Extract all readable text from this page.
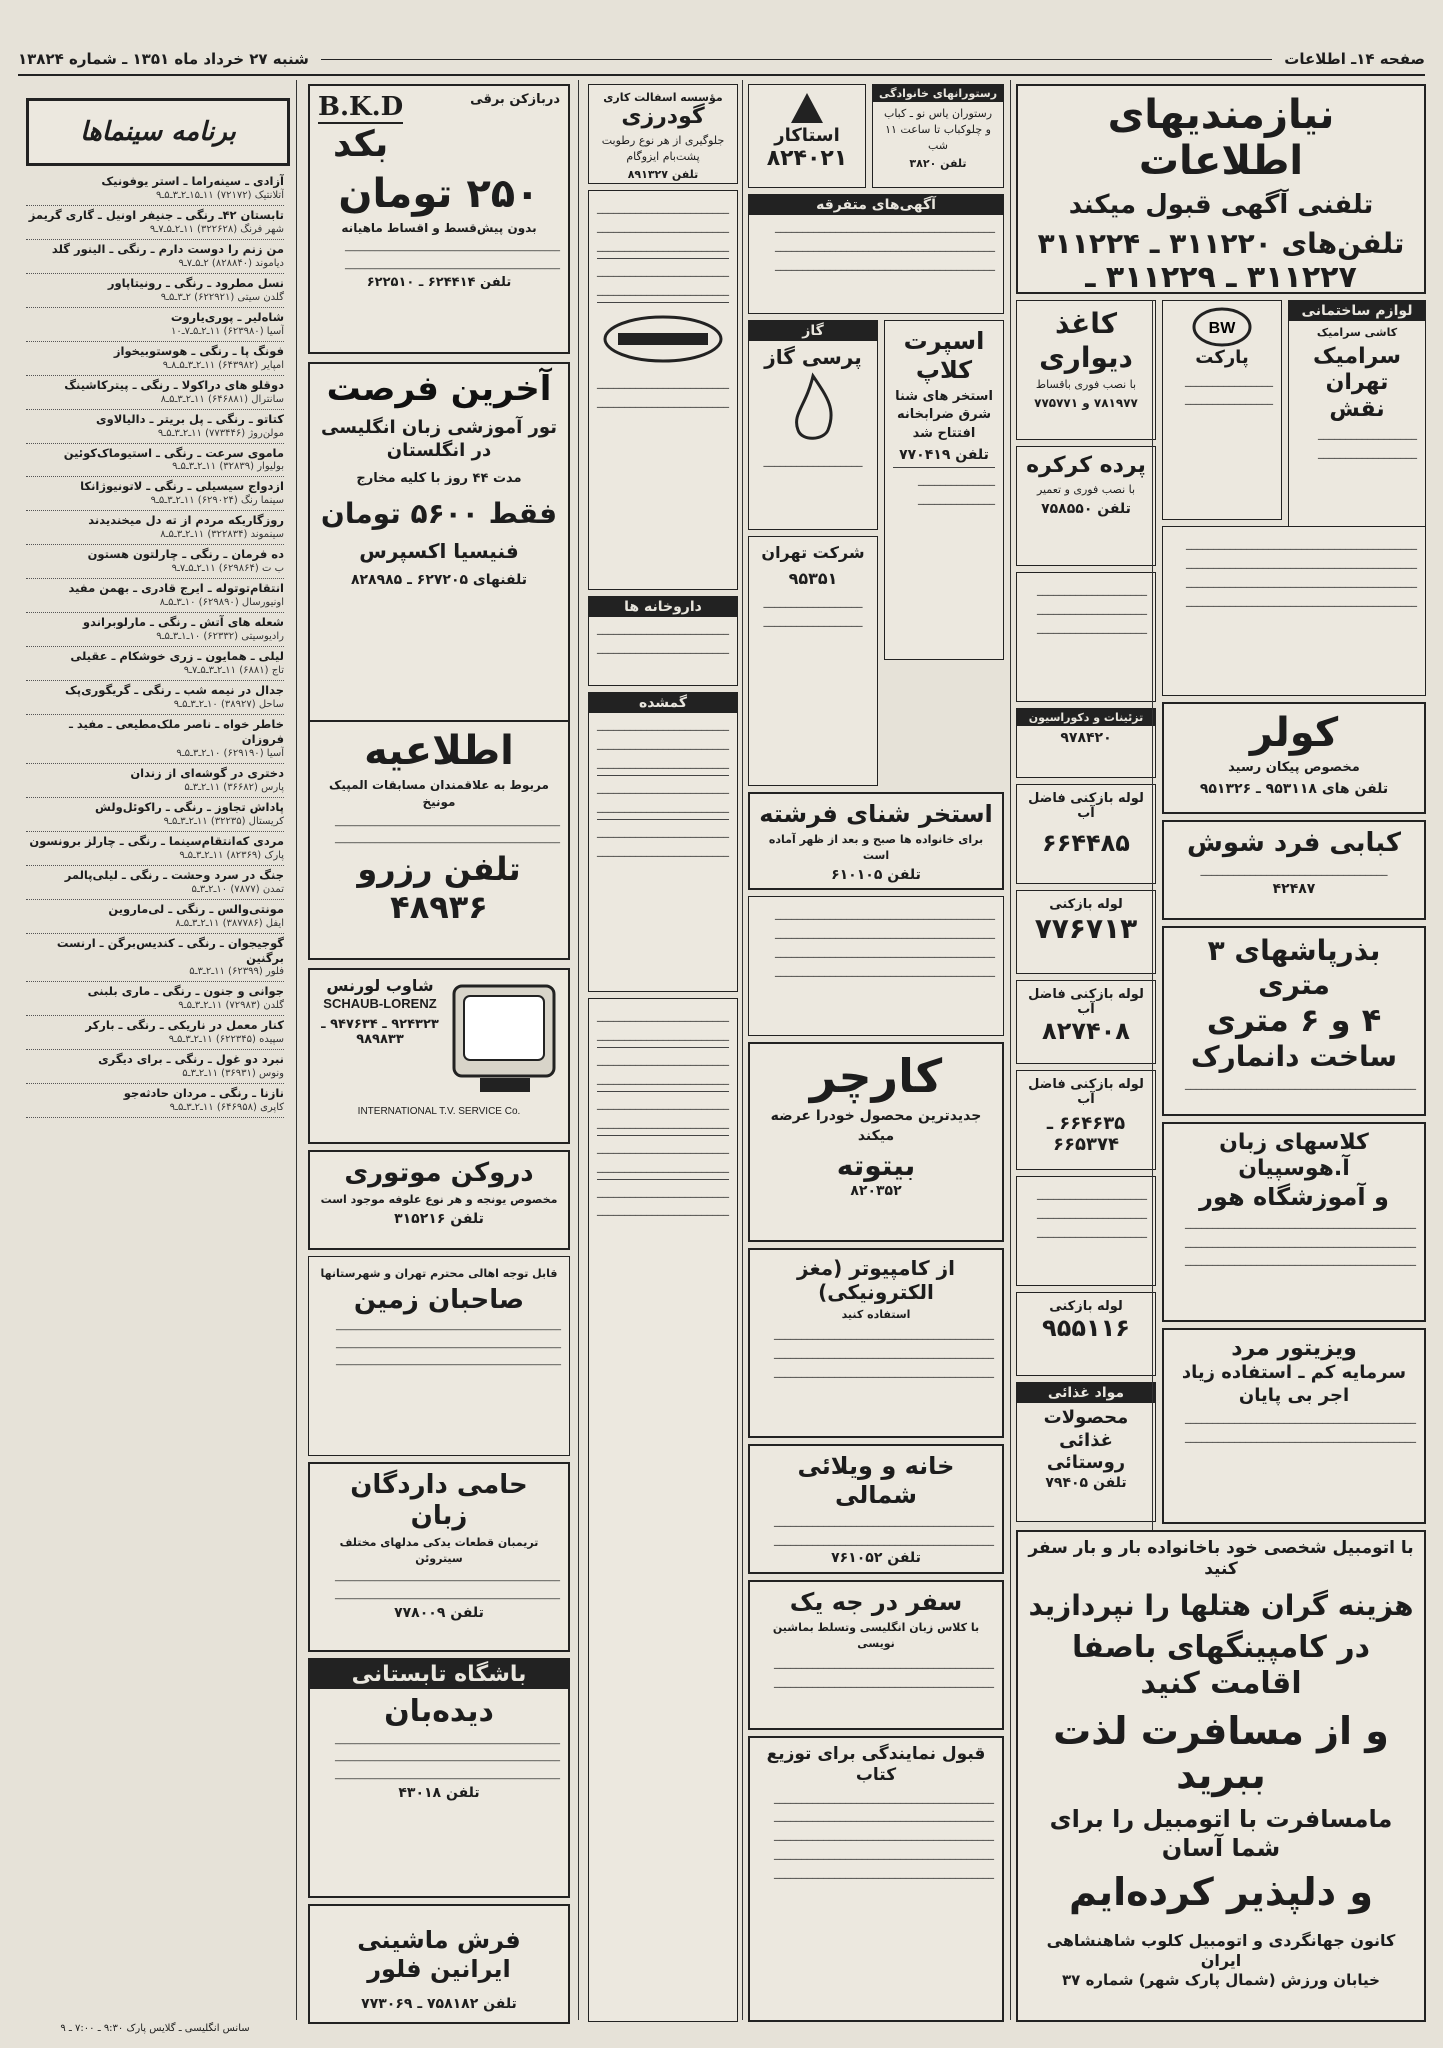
صفحه ۱۴ـ اطلاعات
شنبه ۲۷ خرداد ماه ۱۳۵۱ ـ شماره ۱۳۸۲۴
برنامه سینماها
آزادی ـ سینه‌راما ـ استر یوفونیک
آتلانتیک (۷۲۱۷۲) ۱۱ـ۱۵ـ۲ـ۳ـ۵ـ۹
تابستان ۴۲ـ رنگی ـ جنیفر اونیل ـ گاری گریمز
شهر فرنگ (۳۲۲۶۲۸) ۱۱ـ۲ـ۵ـ۷ـ۹
من زنم را دوست دارم ـ رنگی ـ الینور گلد
دیاموند (۸۲۸۸۴۰) ۲ـ۵ـ۷ـ۹
نسل مطرود ـ رنگی ـ رونیتاپاور
گلدن سیتی (۶۲۲۹۲۱) ۲ـ۳ـ۵ـ۹
شاه‌لیر ـ پوری‌یاروت
آسیا (۶۲۳۹۸۰) ۱۱ـ۲ـ۵ـ۷ـ۱۰
فونگ پا ـ رنگی ـ هوستوبیخواز
امپایر (۶۴۳۹۸۲) ۱۱ـ۲ـ۳ـ۵ـ۸ـ۹
دوقلو های دراکولا ـ رنگی ـ پیترکاشینگ
سانترال (۶۴۶۸۸۱) ۱۱ـ۲ـ۳ـ۵ـ۸
کتاتو ـ رنگی ـ پل بریتر ـ دالیالاوی
مولن‌روژ (۷۷۳۴۴۶) ۱۱ـ۲ـ۳ـ۵ـ۹
ماموی سرعت ـ رنگی ـ استیوماک‌کوئین
بولیوار (۳۲۸۳۹) ۱۱ـ۲ـ۳ـ۵ـ۹
ازدواج سیسیلی ـ رنگی ـ لاتونیوژانکا
سینما رنگ (۶۲۹۰۲۴) ۱۱ـ۲ـ۳ـ۵ـ۹
روزگاریکه مردم از ته دل میخندیدند
سینموند (۳۲۲۸۳۴) ۱۱ـ۲ـ۳ـ۵ـ۸
ده فرمان ـ رنگی ـ چارلتون هستون
ب ت (۶۲۹۸۶۴) ۱۱ـ۲ـ۵ـ۷ـ۹
انتقام‌توتوله ـ ایرج قادری ـ بهمن مفید
اونیورسال (۶۲۹۸۹۰) ۱۰ـ۳ـ۵ـ۸
شعله های آتش ـ رنگی ـ مارلوبراندو
رادیوسیتی (۶۲۳۳۲) ۱۰ـ۱ـ۳ـ۵ـ۹
لیلی ـ همایون ـ زری خوشکام ـ عقیلی
تاج (۶۸۸۱) ۱۱ـ۲ـ۳ـ۵ـ۷ـ۹
جدال در نیمه شب ـ رنگی ـ گریگوری‌پک
ساحل (۳۸۹۲۷) ۱۰ـ۲ـ۳ـ۵ـ۹
خاطر خواه ـ ناصر ملک‌مطیعی ـ مفید ـ فروزان
آسیا (۶۲۹۱۹۰) ۱۰ـ۲ـ۳ـ۵ـ۹
دختری در گوشه‌ای از زندان
پارس (۳۶۶۸۲) ۱۱ـ۲ـ۳ـ۵
پاداش تجاوز ـ رنگی ـ راکوئل‌ولش
کریستال (۳۲۲۳۵) ۱۱ـ۲ـ۳ـ۵ـ۹
مردی که‌انتقام‌سینما ـ رنگی ـ چارلز برونسون
پارک (۸۲۳۶۹) ۱۱ـ۲ـ۳ـ۵ـ۹
جنگ در سرد وحشت ـ رنگی ـ لیلی‌پالمر
تمدن (۷۸۷۷) ۱۰ـ۲ـ۳ـ۵
مونتی‌والس ـ رنگی ـ لی‌ماروین
ایفل (۳۸۷۷۸۶) ۱۱ـ۲ـ۳ـ۵ـ۸
گوجیجوان ـ رنگی ـ کندیس‌برگن ـ ارنست برگنین
فلور (۶۲۳۹۹) ۱۱ـ۲ـ۳ـ۵
جوانی و جنون ـ رنگی ـ ماری بلبنی
گلدن (۷۲۹۸۳) ۱۱ـ۲ـ۳ـ۵ـ۹
کنار معمل در ناریکی ـ رنگی ـ بارکر
سپیده (۶۲۲۳۴۵) ۱۱ـ۲ـ۳ـ۵ـ۹
نبرد دو غول ـ رنگی ـ برای دیگری
ونوس (۳۶۹۳۱) ۱۱ـ۲ـ۳ـ۵
نازنا ـ رنگی ـ مردان حادثه‌جو
کاپری (۶۴۶۹۵۸) ۱۱ـ۲ـ۳ـ۵ـ۹
سانس انگلیسی ـ گلایس پارک ۹:۳۰ ـ ۷:۰۰ ـ ۹
دربازکن برقی
B.K.D
بکد
۲۵۰ تومان

بدون پیش‌قسط و اقساط ماهیانه

___________________________________________

___________________________________________

تلفن ۶۲۴۴۱۴ ـ ۶۲۲۵۱۰
آخرین فرصت
تور آموزشی زبان انگلیسی در انگلستان

مدت ۴۴ روز با کلیه مخارج

فقط ۵۶۰۰ تومان
فنیسیا اکسپرس
تلفنهای ۶۲۷۲۰۵ ـ ۸۲۸۹۸۵
اطلاعیه

مربوط به علاقمندان مسابقات المپیک مونیخ

_____________________________________________

_____________________________________________

تلفن رزرو ۴۸۹۳۶
شاوب لورنس
SCHAUB-LORENZ
۹۲۴۳۲۳ ـ ۹۴۷۶۳۴ ـ ۹۸۹۸۳۳
INTERNATIONAL T.V. SERVICE Co.
دروکن موتوری

مخصوص یونجه و هر نوع علوفه موجود است

تلفن ۳۱۵۲۱۶

قابل توجه اهالی محترم تهران و شهرستانها

صاحبان زمین

_____________________________________________

_____________________________________________

_____________________________________________

حامی داردگان زبان

تریمبان قطعات یدکی مدلهای مختلف سیتروئن

_____________________________________________

_____________________________________________

تلفن ۷۷۸۰۰۹
باشگاه تابستانی
دیده‌بان

_____________________________________________

_____________________________________________

_____________________________________________

تلفن ۴۳۰۱۸
فرش ماشینی ایرانین فلور
تلفن ۷۵۸۱۸۲ ـ ۷۷۳۰۶۹
مؤسسه اسفالت کاری
گودرزی

جلوگیری از هر نوع رطوبت پشت‌بام ایزوگام

تلفن ۸۹۱۳۲۷

________________________

________________________

________________________

________________________

________________________

________________________

________________________

داروخانه ها

________________________

________________________

گمشده

________________________

________________________

________________________

________________________

________________________

________________________

________________________

________________________

________________________

________________________

________________________

________________________

________________________

________________________

________________________

________________________

________________________

استاکار
۸۲۴۰۲۱
رستورانهای خانوادگی

رستوران یاس نو ـ کباب و چلوکباب تا ساعت ۱۱ شب

تلفن ۳۸۲۰
آگهی‌های متفرقه

________________________________________

________________________________________

________________________________________

گاز
پرسی گاز

__________________

اسپرت کلاپ

استخر های شنا شرق ضرابخانه افتتاح شد

تلفن ۷۷۰۴۱۹

______________

______________

شرکت تهران
۹۵۳۵۱

__________________

__________________

استخر شنای فرشته

برای خانواده ها صبح و بعد از ظهر آماده است

تلفن ۶۱۰۱۰۵

________________________________________

________________________________________

________________________________________

________________________________________

کارچر

جدیدترین محصول خودرا عرضه میکند

بیتوته
۸۲۰۳۵۲
از کامپیوتر (مغز الکترونیکی)

استفاده کنید

________________________________________

________________________________________

________________________________________

خانه و ویلائی شمالی

________________________________________

________________________________________

تلفن ۷۶۱۰۵۲
سفر در جه یک

با کلاس زبان انگلیسی وتسلط بماشین نویسی

________________________________________

________________________________________

قبول نمایندگی برای توزیع کتاب

________________________________________

________________________________________

________________________________________

________________________________________

________________________________________

نیازمندیهای اطلاعات
تلفنی آگهی قبول میکند
تلفن‌های ۳۱۱۲۲۰ ـ ۳۱۱۲۲۴
۳۱۱۲۲۷ ـ ۳۱۱۲۲۹ ـ
کاغذ دیواری

با نصب فوری باقساط

۷۸۱۹۷۷ و ۷۷۵۷۷۱
پرده کرکره

با نصب فوری و تعمیر

تلفن ۷۵۸۵۵۰

____________________

____________________

____________________

تزئینات و دکوراسیون
۹۷۸۴۲۰
لوله بازکنی فاضل آب
۶۶۴۴۸۵
لوله بازکنی
۷۷۶۷۱۳
لوله بازکنی فاضل آب
۸۲۷۴۰۸
لوله بازکنی فاضل آب
۶۶۴۶۳۵ ـ ۶۶۵۳۷۴

____________________

____________________

____________________

لوله بازکنی
۹۵۵۱۱۶
مواد غذائی
محصولات غذائی روستائی
تلفن ۷۹۴۰۵
BW
پارکت

________________

________________

لوازم ساختمانی

کاشی سرامیک

سرامیک تهران نقش

__________________

__________________

__________________________________________

__________________________________________

__________________________________________

__________________________________________

کولر

مخصوص پیکان رسید

تلفن های ۹۵۳۱۱۸ ـ ۹۵۱۳۲۶
کبابی فرد شوش

__________________________________

۴۲۴۸۷
بذرپاشهای ۳ متری
۴ و ۶ متری
ساخت دانمارک

__________________________________________

کلاسهای زبان آ.هوسپیان
و آموزشگاه هور

__________________________________________

__________________________________________

__________________________________________

ویزیتور مرد
سرمایه کم ـ استفاده زیاد
اجر بی پایان

__________________________________________

__________________________________________

با اتومبیل شخصی خود باخانواده بار و بار سفر کنید
هزینه گران هتلها را نپردازید
در کامپینگهای باصفا اقامت کنید
و از مسافرت لذت ببرید
مامسافرت با اتومبیل را برای شما آسان
و دلپذیر کرده‌ایم
کانون جهانگردی و اتومبیل کلوب شاهنشاهی ایران
خیابان ورزش (شمال پارک شهر) شماره ۳۷
